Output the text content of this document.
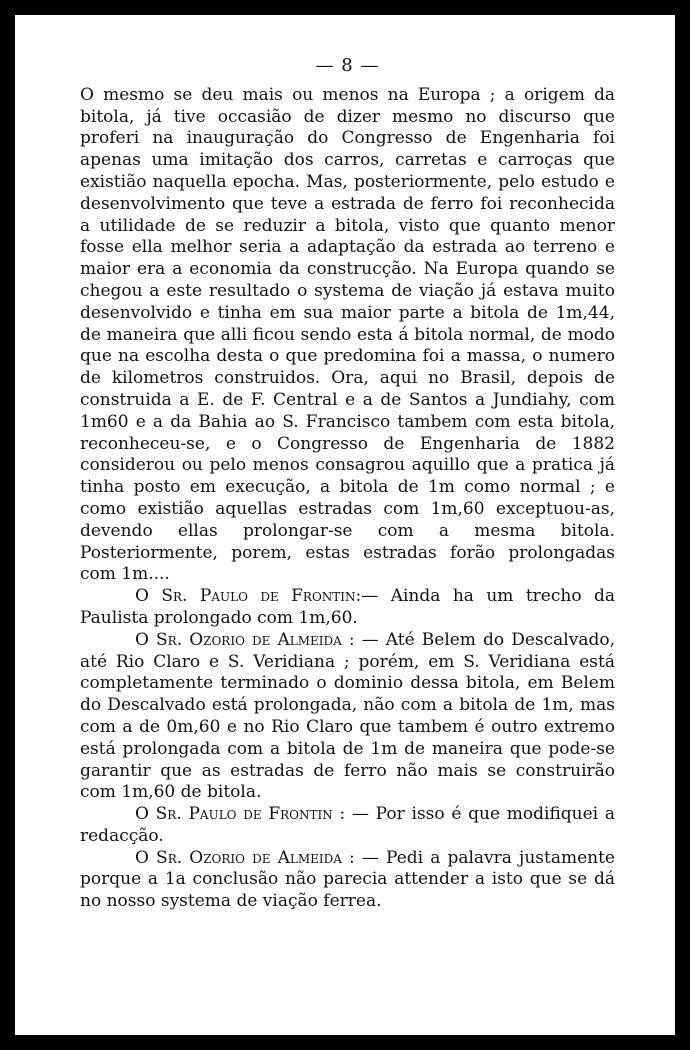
— 8 —

O mesmo se deu mais ou menos na Europa ; a origem da bitola, já tive occasião de dizer mesmo no discurso que proferi na inauguração do Congresso de Engenharia foi apenas uma imitação dos carros, carretas e carroças que existião naquella epocha. Mas, posteriormente, pelo estudo e desenvolvimento que teve a estrada de ferro foi reconhecida a utilidade de se reduzir a bitola, visto que quanto menor fosse ella melhor seria a adaptação da estrada ao terreno e maior era a economia da construcção. Na Europa quando se chegou a este resultado o systema de viação já estava muito desenvolvido e tinha em sua maior parte a bitola de 1m,44, de maneira que alli ficou sendo esta á bitola normal, de modo que na escolha desta o que predomina foi a massa, o numero de kilometros construidos. Ora, aqui no Brasil, depois de construida a E. de F. Central e a de Santos a Jundiahy, com 1m60 e a da Bahia ao S. Francisco tambem com esta bitola, reconheceu-se, e o Congresso de Engenharia de 1882 considerou ou pelo menos consagrou aquillo que a pratica já tinha posto em execução, a bitola de 1m como normal ; e como existião aquellas estradas com 1m,60 exceptuou-as, devendo ellas prolongar-se com a mesma bitola. Posteriormente, porem, estas estradas forão prolongadas com 1m....

O Sr. Paulo de Frontin:— Ainda ha um trecho da Paulista prolongado com 1m,60.

O Sr. Ozorio de Almeida : — Até Belem do Descalvado, até Rio Claro e S. Veridiana ; porém, em S. Veridiana está completamente terminado o dominio dessa bitola, em Belem do Descalvado está prolongada, não com a bitola de 1m, mas com a de 0m,60 e no Rio Claro que tambem é outro extremo está prolongada com a bitola de 1m de maneira que pode-se garantir que as estradas de ferro não mais se construirão com 1m,60 de bitola.

O Sr. Paulo de Frontin : — Por isso é que modifiquei a redacção.

O Sr. Ozorio de Almeida : — Pedi a palavra justamente porque a 1a conclusão não parecia attender a isto que se dá no nosso systema de viação ferrea.
